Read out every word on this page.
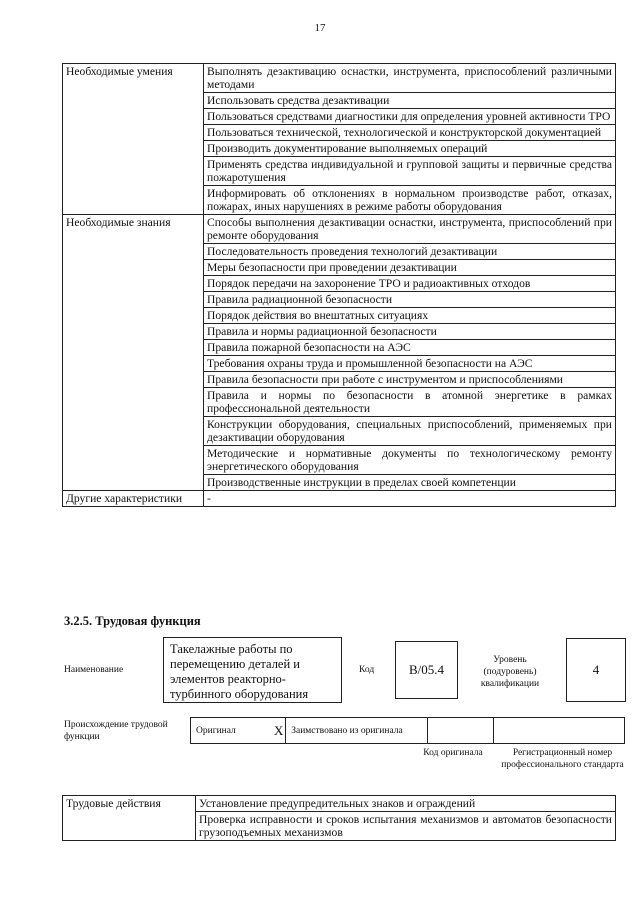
17
Необходимые умения	Выполнять дезактивацию оснастки, инструмента, приспособлений различными методами
	Использовать средства дезактивации
	Пользоваться средствами диагностики для определения уровней активности ТРО
	Пользоваться технической, технологической и конструкторской документацией
	Производить документирование выполняемых операций
	Применять средства индивидуальной и групповой защиты и первичные средства пожаротушения
	Информировать об отклонениях в нормальном производстве работ, отказах, пожарах, иных нарушениях в режиме работы оборудования
Необходимые знания	Способы выполнения дезактивации оснастки, инструмента, приспособлений при ремонте оборудования
	Последовательность проведения технологий дезактивации
	Меры безопасности при проведении дезактивации
	Порядок передачи на захоронение ТРО и радиоактивных отходов
	Правила радиационной безопасности
	Порядок действия во внештатных ситуациях
	Правила и нормы радиационной безопасности
	Правила пожарной безопасности на АЭС
	Требования охраны труда и промышленной безопасности на АЭС
	Правила безопасности при работе с инструментом и приспособлениями
	Правила и нормы по безопасности в атомной энергетике в рамках профессиональной деятельности
	Конструкции оборудования, специальных приспособлений, применяемых при дезактивации оборудования
	Методические и нормативные документы по технологическому ремонту энергетического оборудования
	Производственные инструкции в пределах своей компетенции
Другие характеристики	-
3.2.5. Трудовая функция
Наименование
Такелажные работы по перемещению деталей и элементов реакторно-турбинного оборудования
Код	B/05.4
Уровень (подуровень) квалификации
4
Происхождение трудовой функции
Оригинал	X	Заимствовано из оригинала		
Код оригинала	Регистрационный номер профессионального стандарта
Трудовые действия	Установление предупредительных знаков и ограждений
Проверка исправности и сроков испытания механизмов и автоматов безопасности грузоподъемных механизмов
